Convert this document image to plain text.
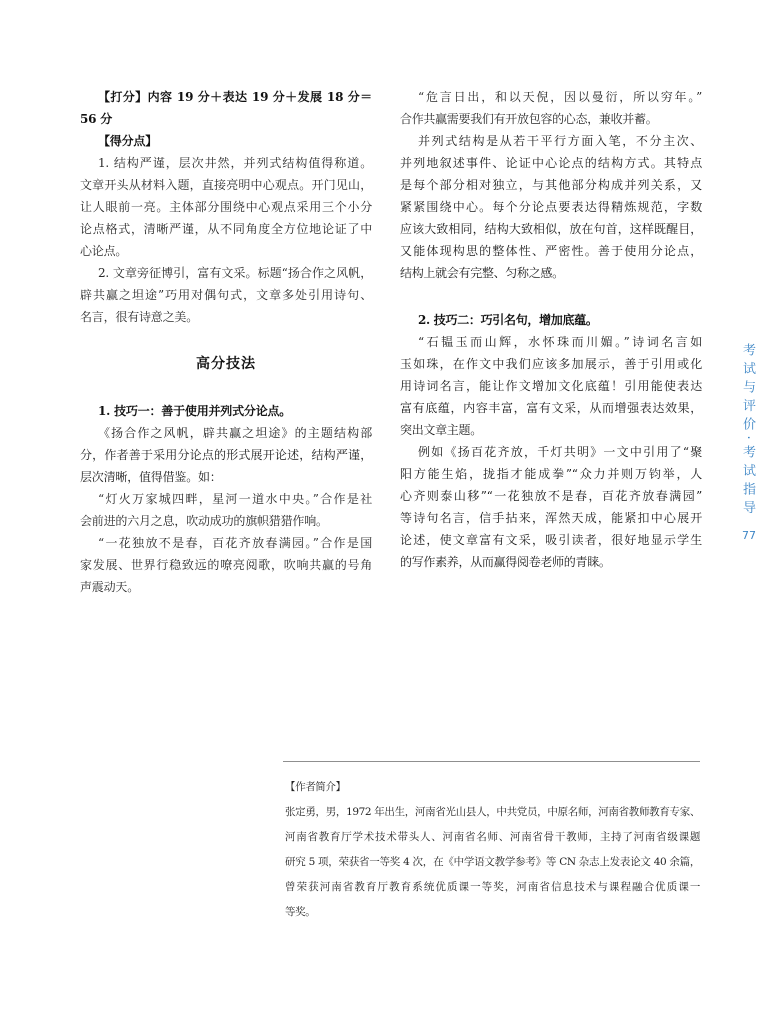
【打分】内容 19 分＋表达 19 分＋发展 18 分＝
56 分
【得分点】
1. 结构严谨，层次井然，并列式结构值得称道。
文章开头从材料入题，直接亮明中心观点。开门见山，
让人眼前一亮。主体部分围绕中心观点采用三个小分
论点格式，清晰严谨，从不同角度全方位地论证了中
心论点。
2. 文章旁征博引，富有文采。标题“扬合作之风帆，
辟共赢之坦途”巧用对偶句式，文章多处引用诗句、
名言，很有诗意之美。
高分技法
1. 技巧一：善于使用并列式分论点。
《扬合作之风帆，辟共赢之坦途》的主题结构部
分，作者善于采用分论点的形式展开论述，结构严谨，
层次清晰，值得借鉴。如：
“灯火万家城四畔，星河一道水中央。”合作是社
会前进的六月之息，吹动成功的旗帜猎猎作响。
“一花独放不是春，百花齐放春满园。”合作是国
家发展、世界行稳致远的嘹亮阅歌，吹响共赢的号角
声震动天。
“危言日出，和以天倪，因以曼衍，所以穷年。”
合作共赢需要我们有开放包容的心态，兼收并蓄。
并列式结构是从若干平行方面入笔，不分主次、
并列地叙述事件、论证中心论点的结构方式。其特点
是每个部分相对独立，与其他部分构成并列关系，又
紧紧围绕中心。每个分论点要表达得精炼规范，字数
应该大致相同，结构大致相似，放在句首，这样既醒目，
又能体现构思的整体性、严密性。善于使用分论点，
结构上就会有完整、匀称之感。
2. 技巧二：巧引名句，增加底蕴。
“石韫玉而山辉，水怀珠而川媚。”诗词名言如
玉如珠，在作文中我们应该多加展示，善于引用或化
用诗词名言，能让作文增加文化底蕴！引用能使表达
富有底蕴，内容丰富，富有文采，从而增强表达效果，
突出文章主题。
例如《扬百花齐放，千灯共明》一文中引用了“聚
阳方能生焰，拢指才能成拳”“众力并则万钧举，人
心齐则泰山移”“一花独放不是春，百花齐放春满园”
等诗句名言，信手拈来，浑然天成，能紧扣中心展开
论述，使文章富有文采，吸引读者，很好地显示学生
的写作素养，从而赢得阅卷老师的青睐。
考试与评价·考试指导
77
【作者简介】
张定勇，男，1972 年出生，河南省光山县人，中共党员，中原名师，河南省教师教育专家、
河南省教育厅学术技术带头人、河南省名师、河南省骨干教师，主持了河南省级课题
研究 5 项，荣获省一等奖 4 次，在《中学语文教学参考》等 CN 杂志上发表论文 40 余篇，
曾荣获河南省教育厅教育系统优质课一等奖，河南省信息技术与课程融合优质课一
等奖。
